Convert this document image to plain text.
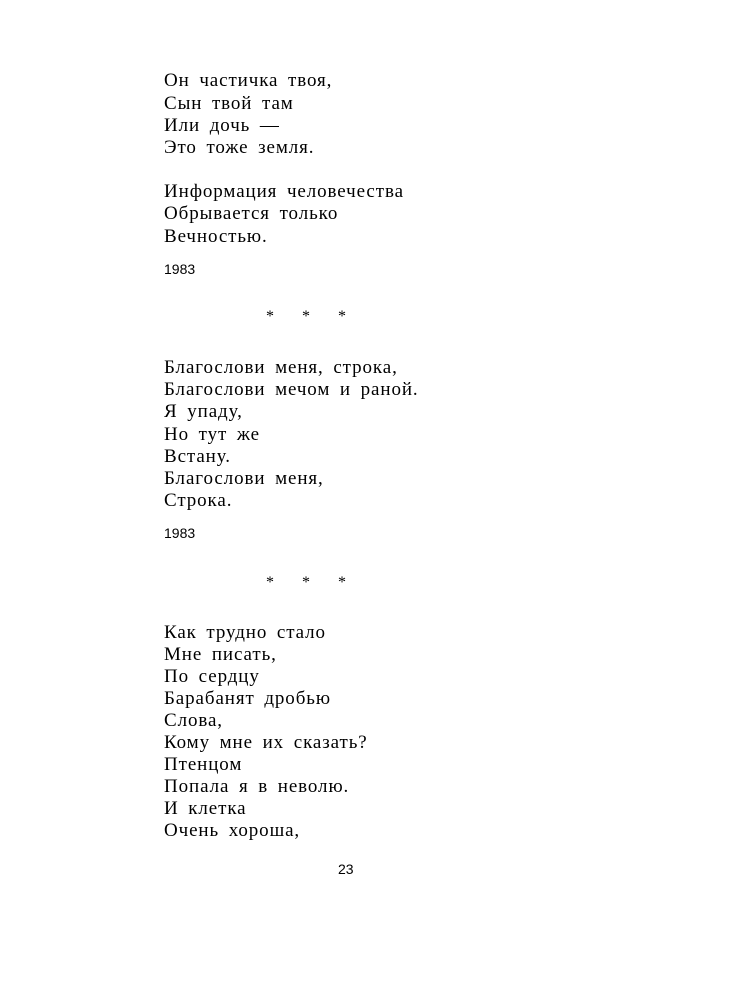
Он частичка твоя,
Сын твой там
Или дочь —
Это тоже земля.
Информация человечества
Обрывается только
Вечностью.
1983
* * *
Благослови меня, строка,
Благослови мечом и раной.
Я упаду,
Но тут же
Встану.
Благослови меня,
Строка.
1983
* * *
Как трудно стало
Мне писать,
По сердцу
Барабанят дробью
Слова,
Кому мне их сказать?
Птенцом
Попала я в неволю.
И клетка
Очень хороша,
23
